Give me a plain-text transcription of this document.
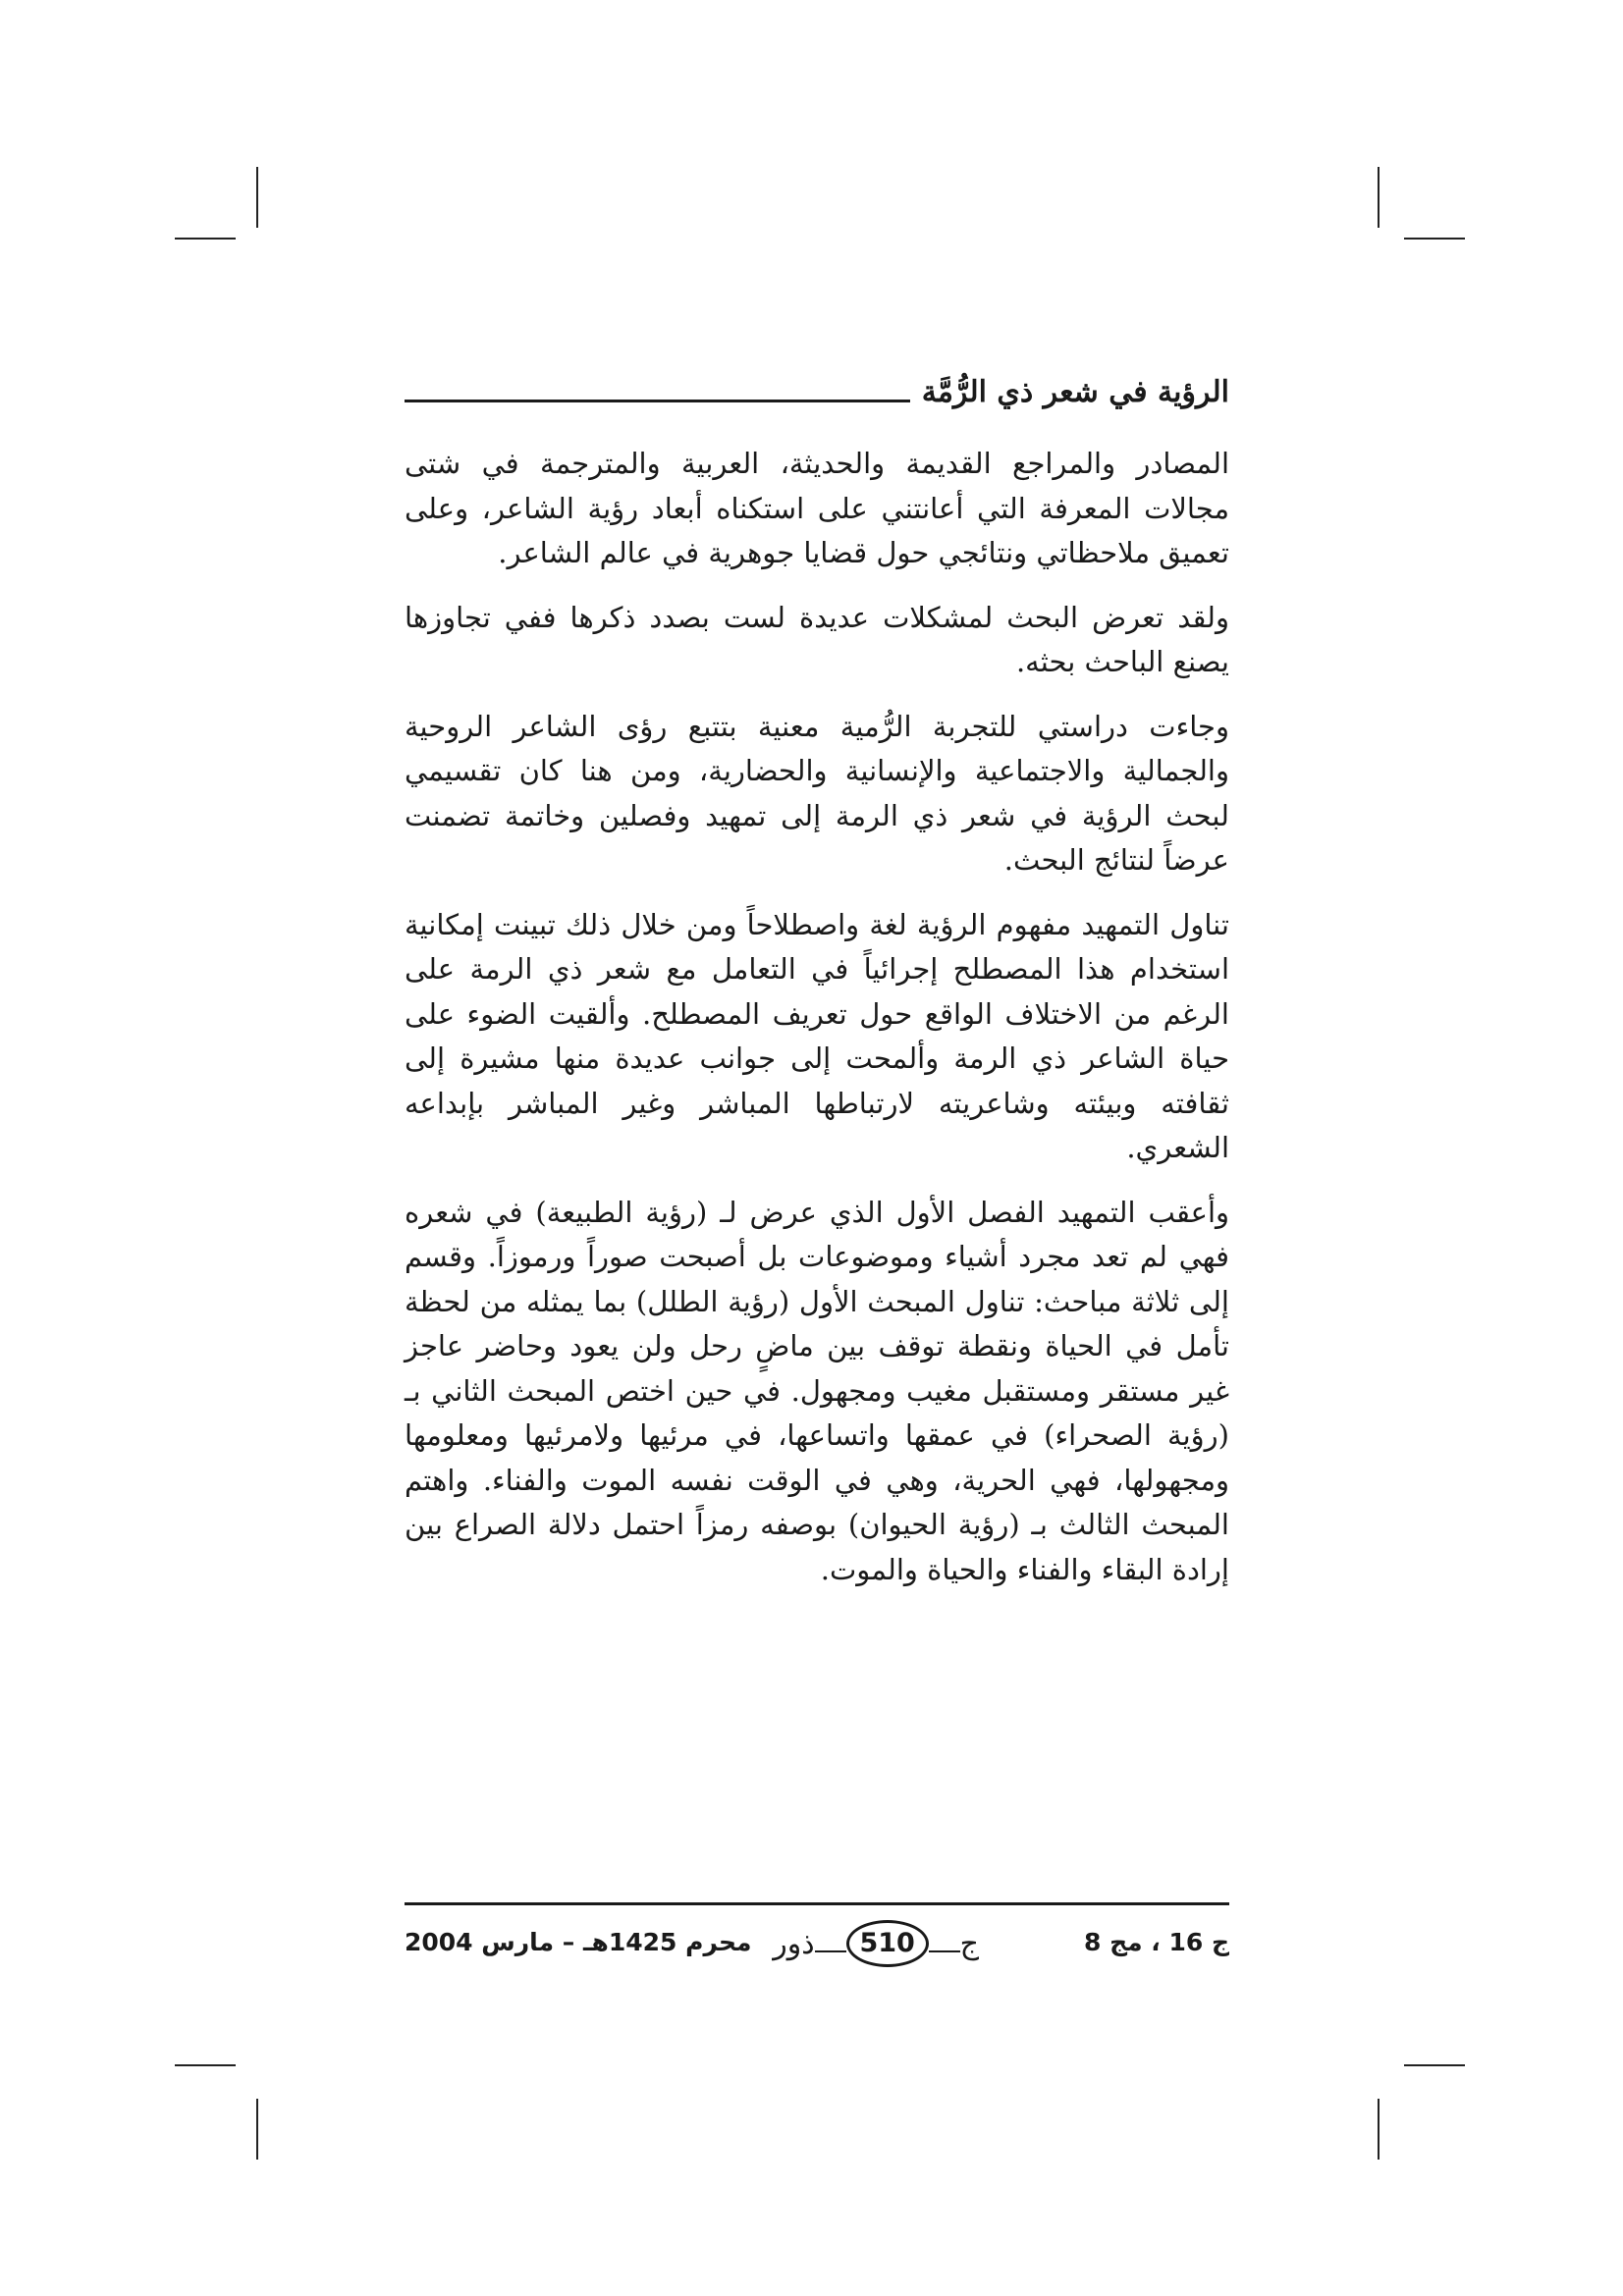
الرؤية في شعر ذي الرُّمَّة

المصادر والمراجع القديمة والحديثة، العربية والمترجمة في شتى مجالات المعرفة التي أعانتني على استكناه أبعاد رؤية الشاعر، وعلى تعميق ملاحظاتي ونتائجي حول قضايا جوهرية في عالم الشاعر.

ولقد تعرض البحث لمشكلات عديدة لست بصدد ذكرها ففي تجاوزها يصنع الباحث بحثه.

وجاءت دراستي للتجربة الرُّمية معنية بتتبع رؤى الشاعر الروحية والجمالية والاجتماعية والإنسانية والحضارية، ومن هنا كان تقسيمي لبحث الرؤية في شعر ذي الرمة إلى تمهيد وفصلين وخاتمة تضمنت عرضاً لنتائج البحث.

تناول التمهيد مفهوم الرؤية لغة واصطلاحاً ومن خلال ذلك تبينت إمكانية استخدام هذا المصطلح إجرائياً في التعامل مع شعر ذي الرمة على الرغم من الاختلاف الواقع حول تعريف المصطلح. وألقيت الضوء على حياة الشاعر ذي الرمة وألمحت إلى جوانب عديدة منها مشيرة إلى ثقافته وبيئته وشاعريته لارتباطها المباشر وغير المباشر بإبداعه الشعري.

وأعقب التمهيد الفصل الأول الذي عرض لـ (رؤية الطبيعة) في شعره فهي لم تعد مجرد أشياء وموضوعات بل أصبحت صوراً ورموزاً. وقسم إلى ثلاثة مباحث: تناول المبحث الأول (رؤية الطلل) بما يمثله من لحظة تأمل في الحياة ونقطة توقف بين ماضٍ رحل ولن يعود وحاضر عاجز غير مستقر ومستقبل مغيب ومجهول. في حين اختص المبحث الثاني بـ (رؤية الصحراء) في عمقها واتساعها، في مرئيها ولامرئيها ومعلومها ومجهولها، فهي الحرية، وهي في الوقت نفسه الموت والفناء. واهتم المبحث الثالث بـ (رؤية الحيوان) بوصفه رمزاً احتمل دلالة الصراع بين إرادة البقاء والفناء والحياة والموت.

ج 16 ، مج 8
ج
510
ذور
محرم 1425هـ – مارس 2004
